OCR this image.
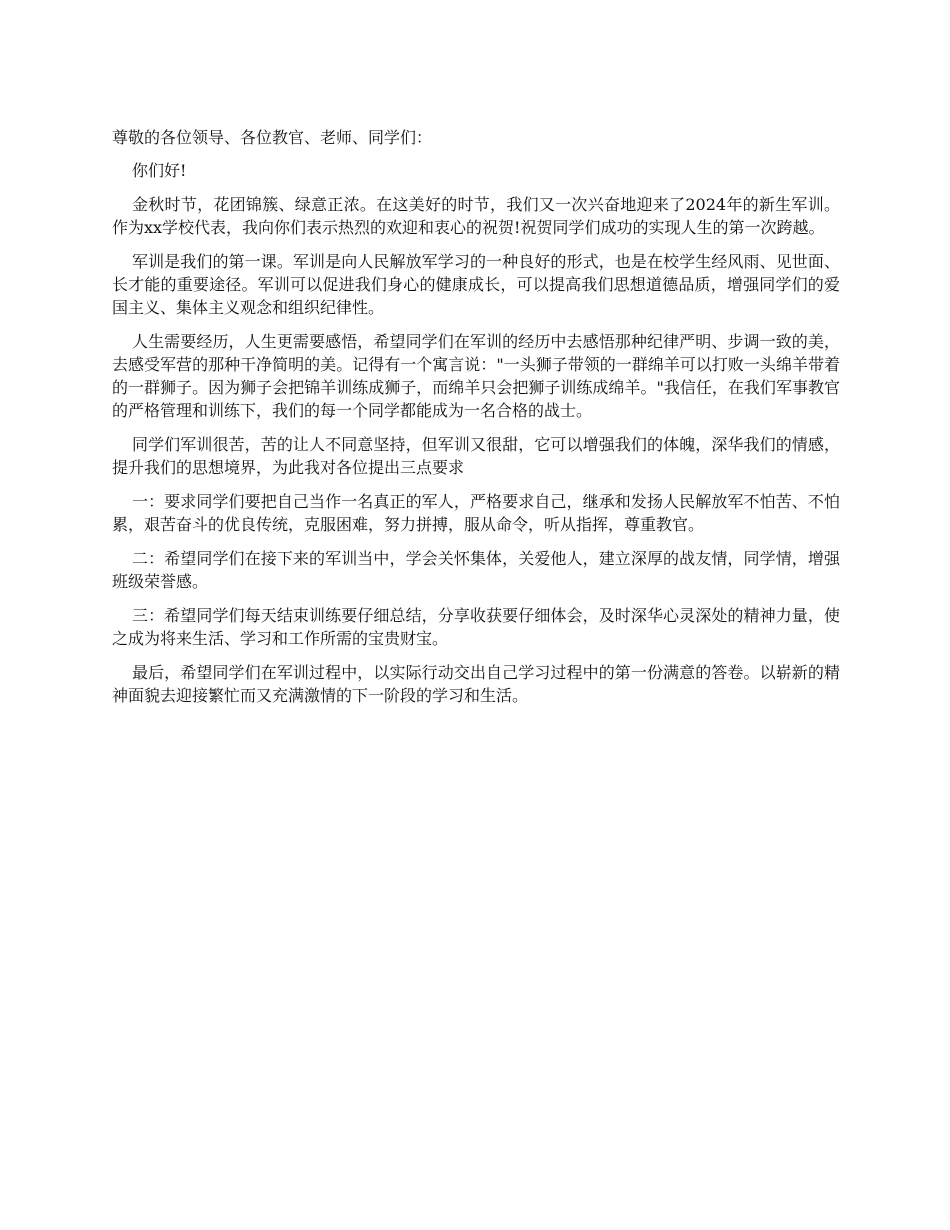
尊敬的各位领导、各位教官、老师、同学们：

你们好!

金秋时节，花团锦簇、绿意正浓。在这美好的时节，我们又一次兴奋地迎来了2024年的新生军训。作为xx学校代表，我向你们表示热烈的欢迎和衷心的祝贺!祝贺同学们成功的实现人生的第一次跨越。

军训是我们的第一课。军训是向人民解放军学习的一种良好的形式，也是在校学生经风雨、见世面、长才能的重要途径。军训可以促进我们身心的健康成长，可以提高我们思想道德品质，增强同学们的爱国主义、集体主义观念和组织纪律性。

人生需要经历，人生更需要感悟，希望同学们在军训的经历中去感悟那种纪律严明、步调一致的美，去感受军营的那种干净简明的美。记得有一个寓言说："一头狮子带领的一群绵羊可以打败一头绵羊带着的一群狮子。因为狮子会把锦羊训练成狮子，而绵羊只会把狮子训练成绵羊。"我信任，在我们军事教官的严格管理和训练下，我们的每一个同学都能成为一名合格的战士。

同学们军训很苦，苦的让人不同意坚持，但军训又很甜，它可以增强我们的体魄，深华我们的情感，提升我们的思想境界，为此我对各位提出三点要求

一：要求同学们要把自己当作一名真正的军人，严格要求自己，继承和发扬人民解放军不怕苦、不怕累，艰苦奋斗的优良传统，克服困难，努力拼搏，服从命令，听从指挥，尊重教官。

二：希望同学们在接下来的军训当中，学会关怀集体，关爱他人，建立深厚的战友情，同学情，增强班级荣誉感。

三：希望同学们每天结束训练要仔细总结，分享收获要仔细体会，及时深华心灵深处的精神力量，使之成为将来生活、学习和工作所需的宝贵财宝。

最后，希望同学们在军训过程中，以实际行动交出自己学习过程中的第一份满意的答卷。以崭新的精神面貌去迎接繁忙而又充满激情的下一阶段的学习和生活。
